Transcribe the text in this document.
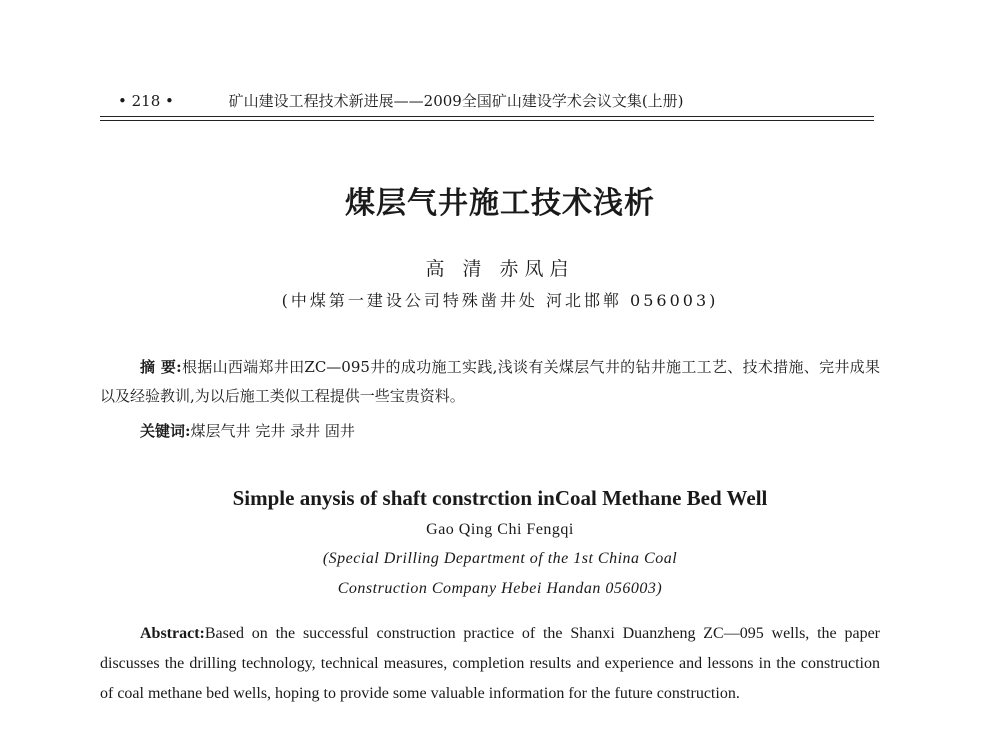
• 218 •	矿山建设工程技术新进展——2009全国矿山建设学术会议文集(上册)
煤层气井施工技术浅析
高 清 赤凤启
(中煤第一建设公司特殊凿井处 河北邯郸 056003)
摘 要:根据山西端郑井田ZC—095井的成功施工实践,浅谈有关煤层气井的钻井施工工艺、技术措施、完井成果以及经验教训,为以后施工类似工程提供一些宝贵资料。
关键词:煤层气井 完井 录井 固井
Simple anysis of shaft constrction inCoal Methane Bed Well
Gao Qing Chi Fengqi
(Special Drilling Department of the 1st China Coal
Construction Company Hebei Handan 056003)
Abstract:Based on the successful construction practice of the Shanxi Duanzheng ZC—095 wells, the paper discusses the drilling technology, technical measures, completion results and experience and lessons in the construction of coal methane bed wells, hoping to provide some valuable information for the future construction.
